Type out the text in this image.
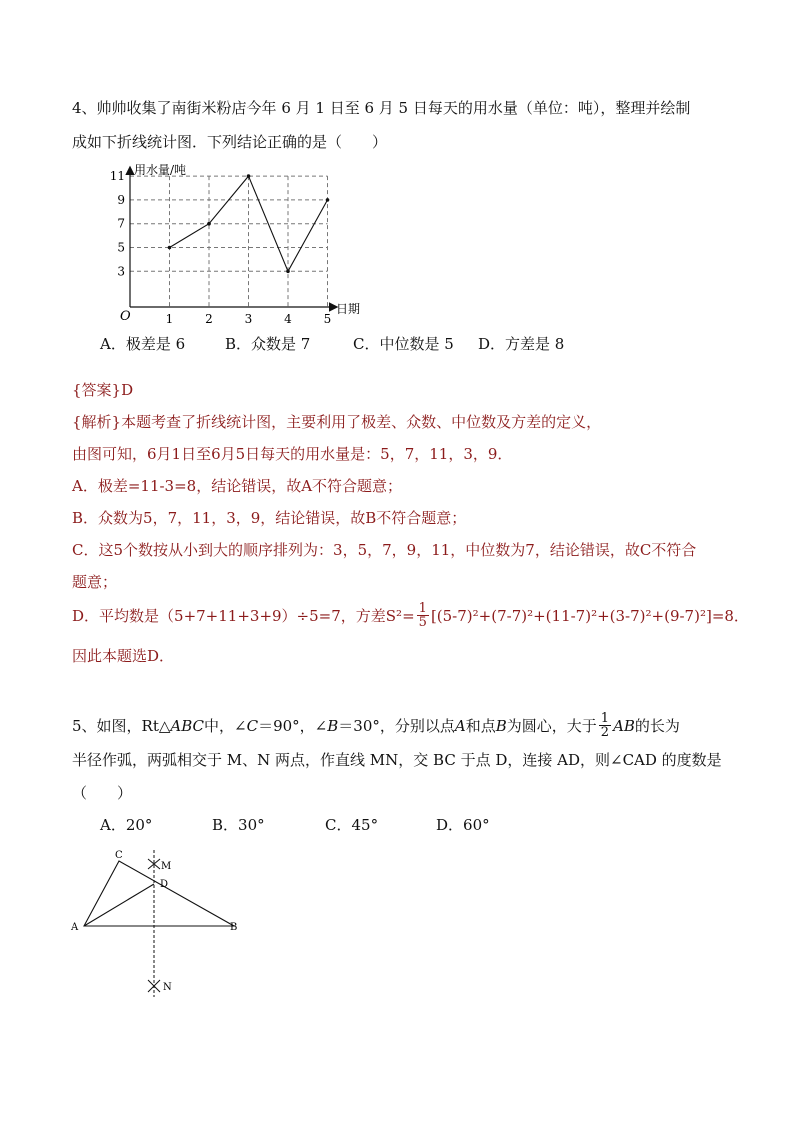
4、帅帅收集了南街米粉店今年 6 月 1 日至 6 月 5 日每天的用水量（单位：吨），整理并绘制
成如下折线统计图．下列结论正确的是（　　）
3
5
7
9
11
1	2	3	4	5
O
用水量/吨
日期
A．极差是 6	B．众数是 7	C．中位数是 5 D．方差是 8
{答案}D
{解析}本题考查了折线统计图，主要利用了极差、众数、中位数及方差的定义，
由图可知，6月1日至6月5日每天的用水量是：5，7，11，3，9．
A．极差=11-3=8，结论错误，故A不符合题意；
B．众数为5，7，11，3，9，结论错误，故B不符合题意；
C．这5个数按从小到大的顺序排列为：3，5，7，9，11，中位数为7，结论错误，故C不符合
题意；
D．平均数是（5+7+11+3+9）÷5=7，方差$S^2= \frac{1}{5} [(5-7)^2+(7-7)^2+(11-7)^2+(3-7)^2+(9-7)^2]=8$．
因此本题选D．
5、如图，Rt△ ABC 中，∠ C ＝90°，∠ B ＝30°，分别以点 A 和点 B 为圆心，大于 $\frac{1}{2}$ AB 的长为
半径作弧，两弧相交于 M、N 两点，作直线 MN，交 BC 于点 D，连接 AD，则∠CAD 的度数是
（　　）
A．20°	B．30°	C．45°	D．60°
C
M
D
A	B
N
